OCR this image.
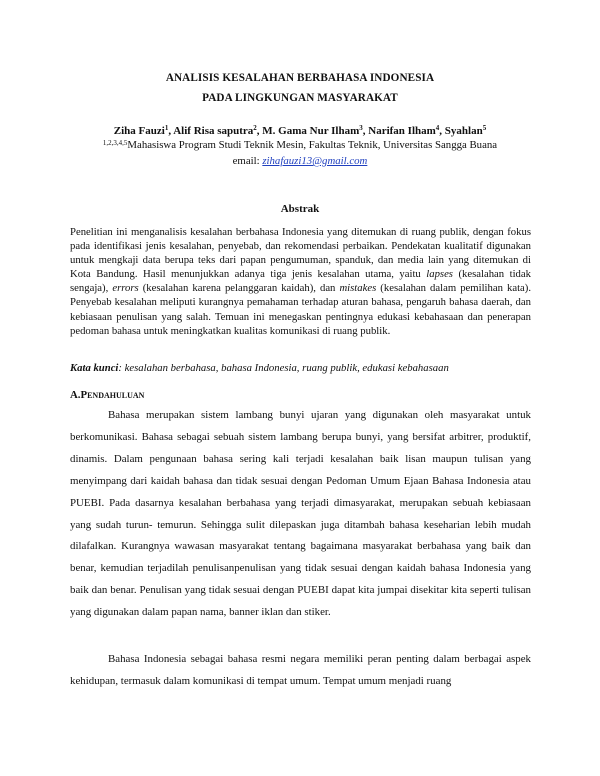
ANALISIS KESALAHAN BERBAHASA INDONESIA
PADA LINGKUNGAN MASYARAKAT
Ziha Fauzi$^1$, Alif Risa saputra$^2$, M. Gama Nur Ilham$^3$, Narifan Ilham$^4$, Syahlan$^5$
$^{1,2,3,4,5}$Mahasiswa Program Studi Teknik Mesin, Fakultas Teknik, Universitas Sangga Buana
email: zihafauzi13@gmail.com
Abstrak
Penelitian ini menganalisis kesalahan berbahasa Indonesia yang ditemukan di ruang publik, dengan fokus pada identifikasi jenis kesalahan, penyebab, dan rekomendasi perbaikan. Pendekatan kualitatif digunakan untuk mengkaji data berupa teks dari papan pengumuman, spanduk, dan media lain yang ditemukan di Kota Bandung. Hasil menunjukkan adanya tiga jenis kesalahan utama, yaitu lapses (kesalahan tidak sengaja), errors (kesalahan karena pelanggaran kaidah), dan mistakes (kesalahan dalam pemilihan kata). Penyebab kesalahan meliputi kurangnya pemahaman terhadap aturan bahasa, pengaruh bahasa daerah, dan kebiasaan penulisan yang salah. Temuan ini menegaskan pentingnya edukasi kebahasaan dan penerapan pedoman bahasa untuk meningkatkan kualitas komunikasi di ruang publik.
Kata kunci: kesalahan berbahasa, bahasa Indonesia, ruang publik, edukasi kebahasaan
A.Pendahuluan
Bahasa merupakan sistem lambang bunyi ujaran yang digunakan oleh masyarakat untuk berkomunikasi. Bahasa sebagai sebuah sistem lambang berupa bunyi, yang bersifat arbitrer, produktif, dinamis. Dalam pengunaan bahasa sering kali terjadi kesalahan baik lisan maupun tulisan yang menyimpang dari kaidah bahasa dan tidak sesuai dengan Pedoman Umum Ejaan Bahasa Indonesia atau PUEBI. Pada dasarnya kesalahan berbahasa yang terjadi dimasyarakat, merupakan sebuah kebiasaan yang sudah turun- temurun. Sehingga sulit dilepaskan juga ditambah bahasa keseharian lebih mudah dilafalkan. Kurangnya wawasan masyarakat tentang bagaimana masyarakat berbahasa yang baik dan benar, kemudian terjadilah penulisanpenulisan yang tidak sesuai dengan kaidah bahasa Indonesia yang baik dan benar. Penulisan yang tidak sesuai dengan PUEBI dapat kita jumpai disekitar kita seperti tulisan yang digunakan dalam papan nama, banner iklan dan stiker.
Bahasa Indonesia sebagai bahasa resmi negara memiliki peran penting dalam berbagai aspek kehidupan, termasuk dalam komunikasi di tempat umum. Tempat umum menjadi ruang
